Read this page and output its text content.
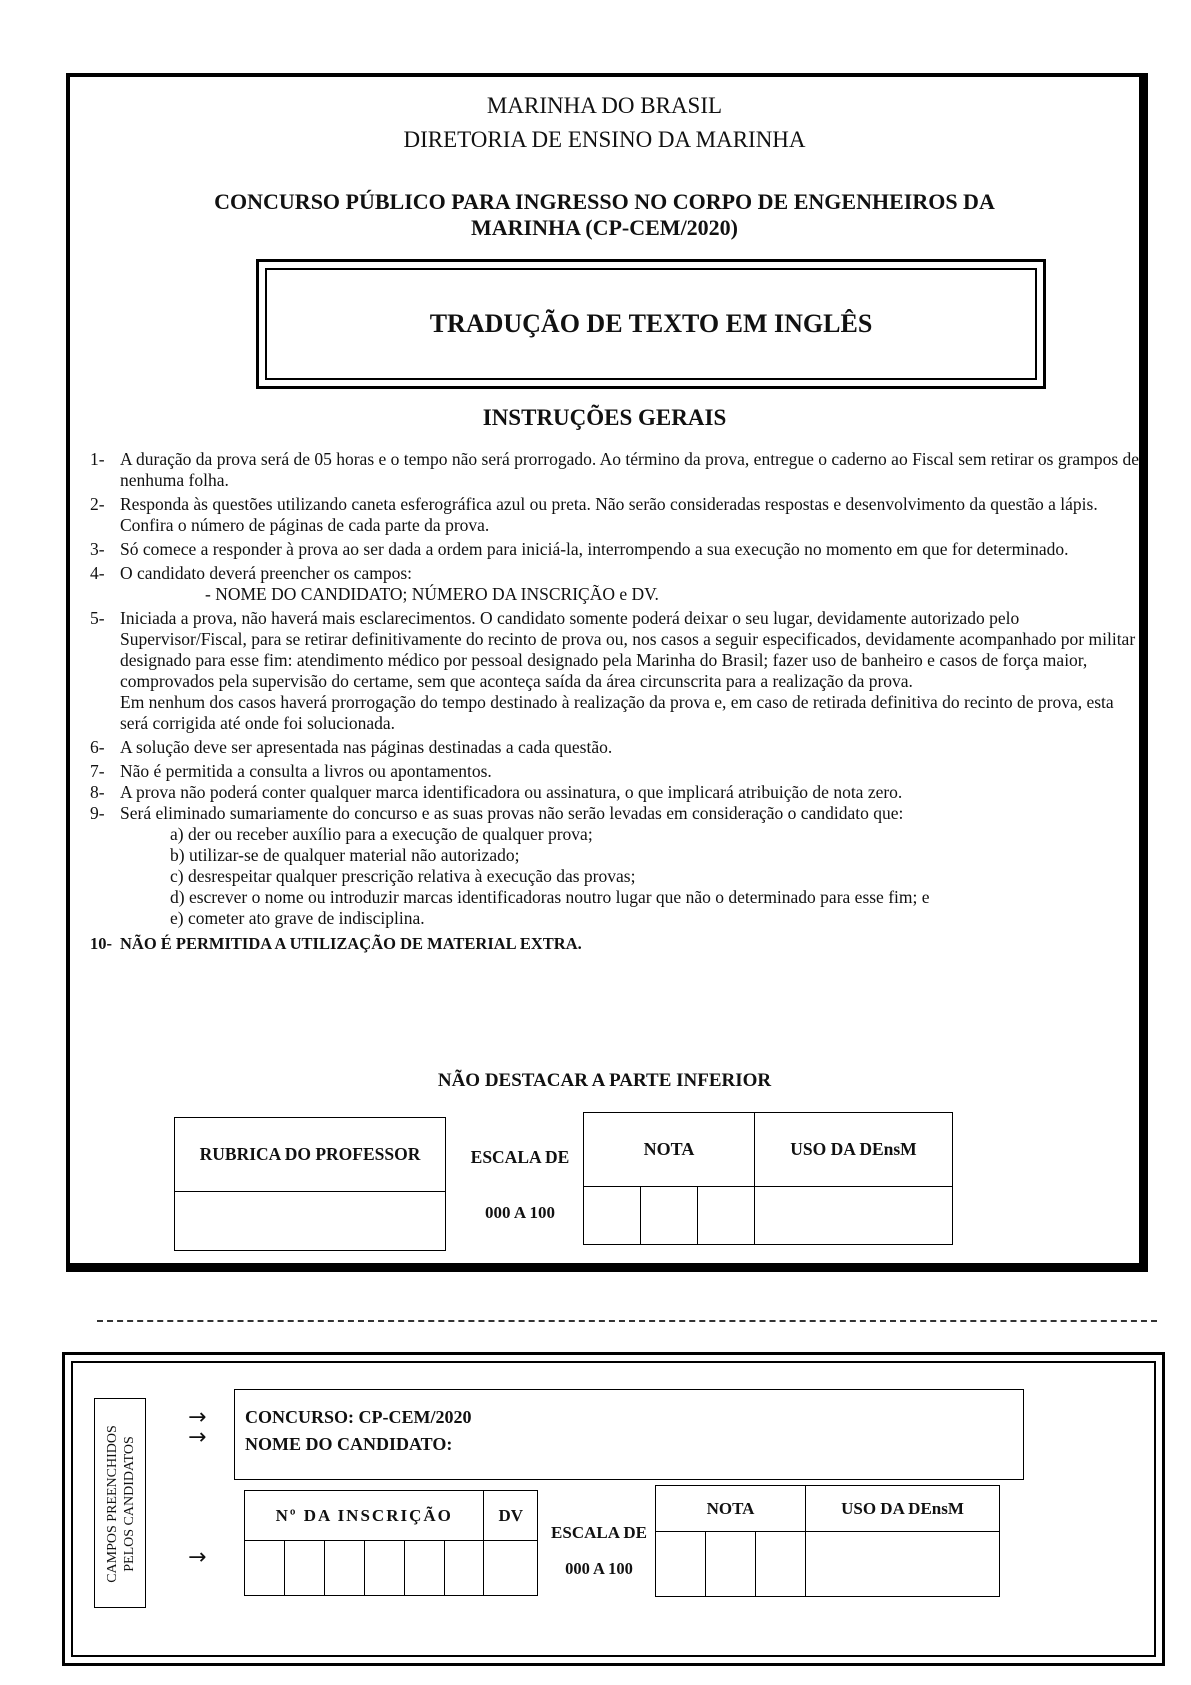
MARINHA DO BRASIL
DIRETORIA DE ENSINO DA MARINHA
CONCURSO PÚBLICO PARA INGRESSO NO CORPO DE ENGENHEIROS DA
MARINHA (CP-CEM/2020)
TRADUÇÃO DE TEXTO EM INGLÊS
INSTRUÇÕES GERAIS
1- A duração da prova será de 05 horas e o tempo não será prorrogado. Ao término da prova, entregue o caderno ao Fiscal sem retirar os grampos de nenhuma folha.
2- Responda às questões utilizando caneta esferográfica azul ou preta. Não serão consideradas respostas e desenvolvimento da questão a lápis. Confira o número de páginas de cada parte da prova.
3- Só comece a responder à prova ao ser dada a ordem para iniciá-la, interrompendo a sua execução no momento em que for determinado.
4- O candidato deverá preencher os campos:
- NOME DO CANDIDATO; NÚMERO DA INSCRIÇÃO e DV.
5- Iniciada a prova, não haverá mais esclarecimentos. O candidato somente poderá deixar o seu lugar, devidamente autorizado pelo Supervisor/Fiscal, para se retirar definitivamente do recinto de prova ou, nos casos a seguir especificados, devidamente acompanhado por militar designado para esse fim: atendimento médico por pessoal designado pela Marinha do Brasil; fazer uso de banheiro e casos de força maior, comprovados pela supervisão do certame, sem que aconteça saída da área circunscrita para a realização da prova.
Em nenhum dos casos haverá prorrogação do tempo destinado à realização da prova e, em caso de retirada definitiva do recinto de prova, esta será corrigida até onde foi solucionada.
6- A solução deve ser apresentada nas páginas destinadas a cada questão.
7- Não é permitida a consulta a livros ou apontamentos.
8- A prova não poderá conter qualquer marca identificadora ou assinatura, o que implicará atribuição de nota zero.
9- Será eliminado sumariamente do concurso e as suas provas não serão levadas em consideração o candidato que:
a) der ou receber auxílio para a execução de qualquer prova;
b) utilizar-se de qualquer material não autorizado;
c) desrespeitar qualquer prescrição relativa à execução das provas;
d) escrever o nome ou introduzir marcas identificadoras noutro lugar que não o determinado para esse fim; e
e) cometer ato grave de indisciplina.
10- NÃO É PERMITIDA A UTILIZAÇÃO DE MATERIAL EXTRA.
NÃO DESTACAR A PARTE INFERIOR
RUBRICA DO PROFESSOR	ESCALA DE
000 A 100
NOTA			USO DA DEnsM

CAMPOS PREENCHIDOS PELOS CANDIDATOS
→
→
→
CONCURSO: CP-CEM/2020
NOME DO CANDIDATO:
Nº DA INSCRIÇÃO						DV

ESCALA DE
000 A 100
NOTA			USO DA DEnsM
